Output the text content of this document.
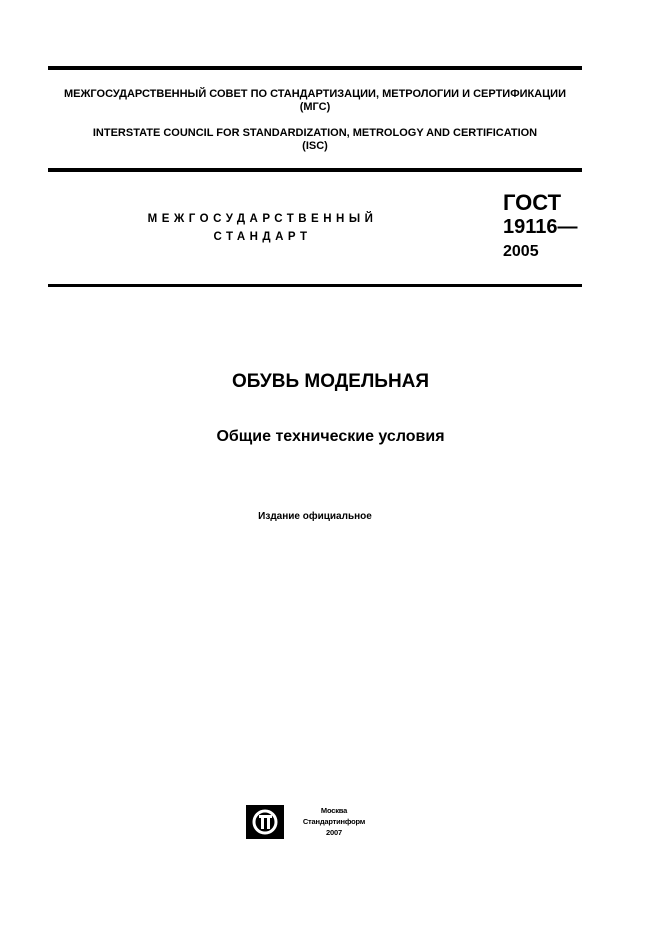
МЕЖГОСУДАРСТВЕННЫЙ СОВЕТ ПО СТАНДАРТИЗАЦИИ, МЕТРОЛОГИИ И СЕРТИФИКАЦИИ
(МГС)
INTERSTATE COUNCIL FOR STANDARDIZATION, METROLOGY AND CERTIFICATION
(ISC)
МЕЖГОСУДАРСТВЕННЫЙ
СТАНДАРТ
ГОСТ
19116—
2005
ОБУВЬ МОДЕЛЬНАЯ
Общие технические условия
Издание официальное
Москва
Стандартинформ
2007
